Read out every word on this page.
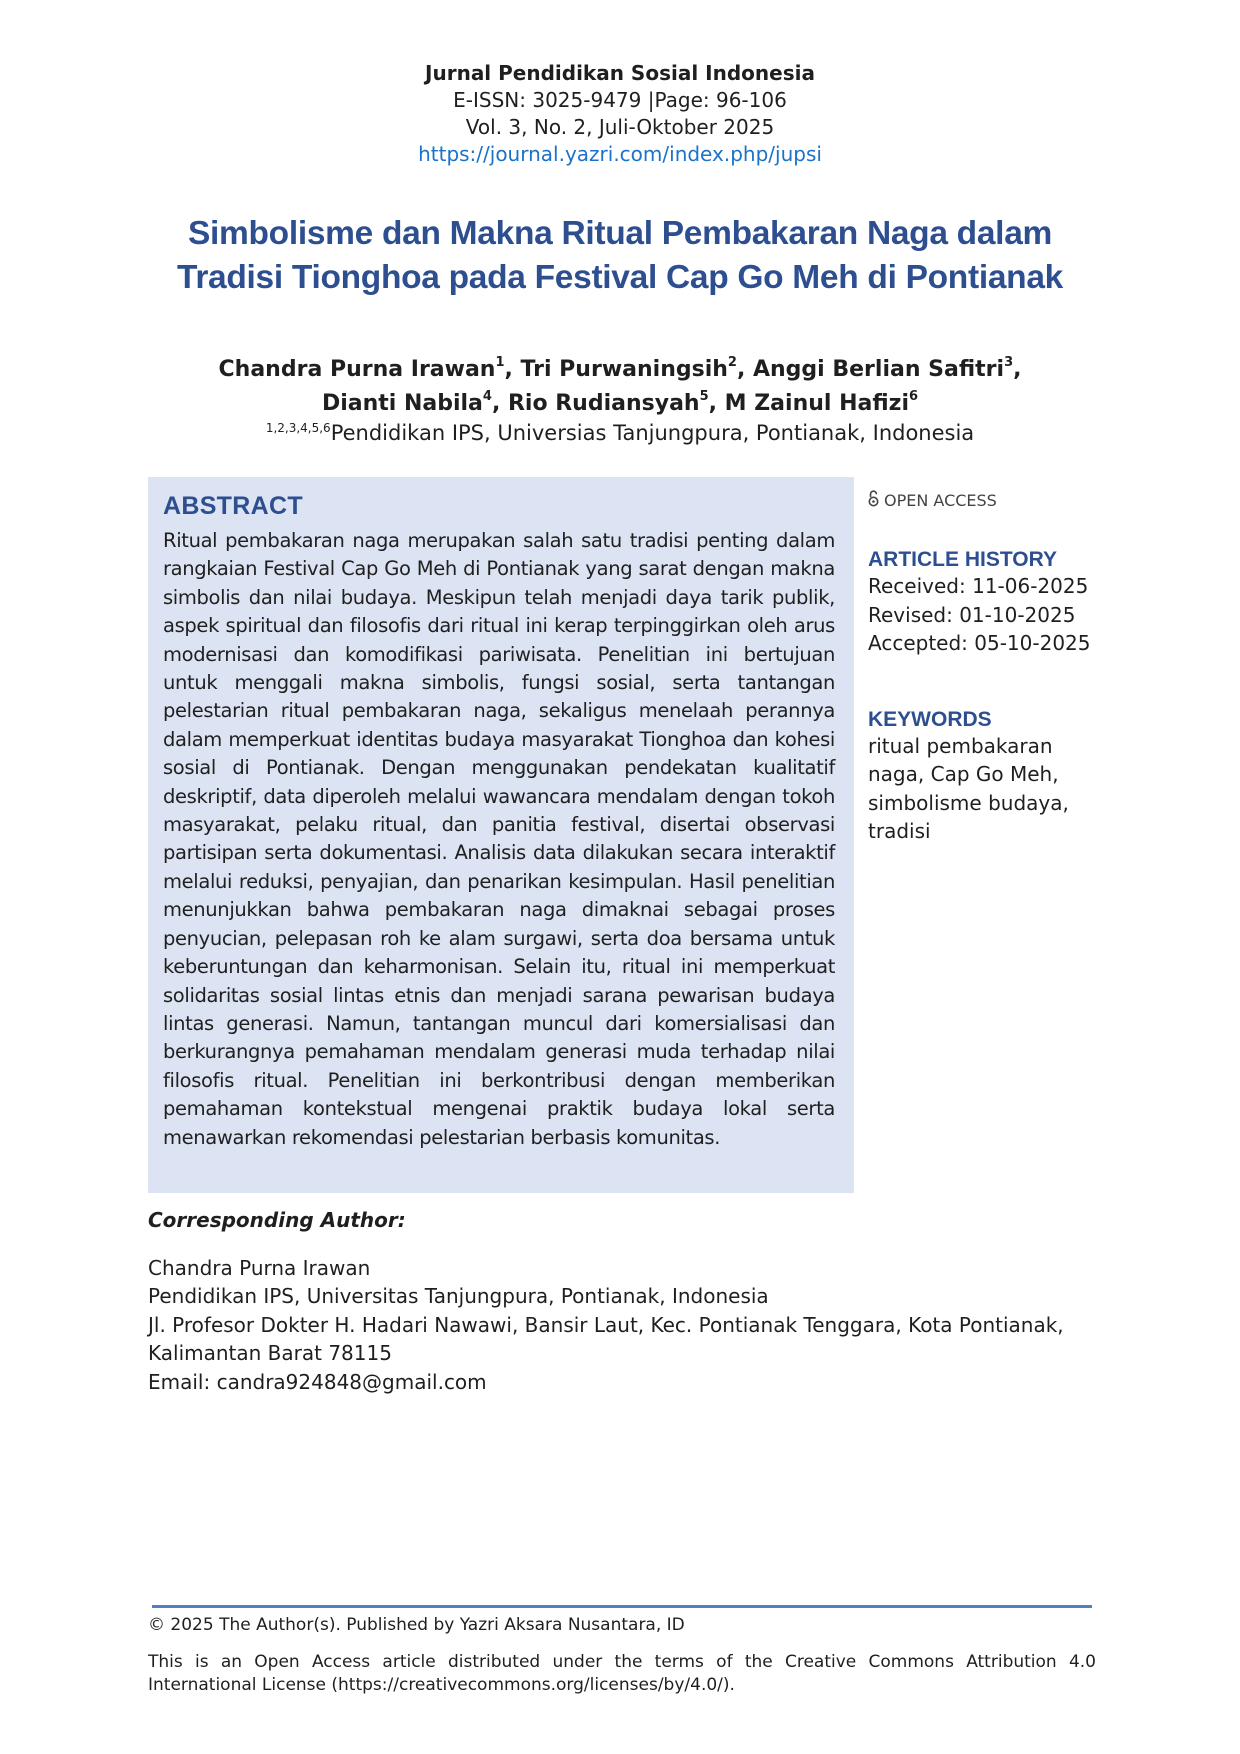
Jurnal Pendidikan Sosial Indonesia
E-ISSN: 3025-9479 |Page: 96-106
Vol. 3, No. 2, Juli-Oktober 2025
https://journal.yazri.com/index.php/jupsi
Simbolisme dan Makna Ritual Pembakaran Naga dalam
Tradisi Tionghoa pada Festival Cap Go Meh di Pontianak
Chandra Purna Irawan$^1$, Tri Purwaningsih$^2$, Anggi Berlian Safitri$^3$,
Dianti Nabila$^4$, Rio Rudiansyah$^5$, M Zainul Hafizi$^6$
$^{1,2,3,4,5,6}$Pendidikan IPS, Universias Tanjungpura, Pontianak, Indonesia
ABSTRACT
Ritual pembakaran naga merupakan salah satu tradisi penting dalam rangkaian Festival Cap Go Meh di Pontianak yang sarat dengan makna simbolis dan nilai budaya. Meskipun telah menjadi daya tarik publik, aspek spiritual dan filosofis dari ritual ini kerap terpinggirkan oleh arus modernisasi dan komodifikasi pariwisata. Penelitian ini bertujuan untuk menggali makna simbolis, fungsi sosial, serta tantangan pelestarian ritual pembakaran naga, sekaligus menelaah perannya dalam memperkuat identitas budaya masyarakat Tionghoa dan kohesi sosial di Pontianak. Dengan menggunakan pendekatan kualitatif deskriptif, data diperoleh melalui wawancara mendalam dengan tokoh masyarakat, pelaku ritual, dan panitia festival, disertai observasi partisipan serta dokumentasi. Analisis data dilakukan secara interaktif melalui reduksi, penyajian, dan penarikan kesimpulan. Hasil penelitian menunjukkan bahwa pembakaran naga dimaknai sebagai proses penyucian, pelepasan roh ke alam surgawi, serta doa bersama untuk keberuntungan dan keharmonisan. Selain itu, ritual ini memperkuat solidaritas sosial lintas etnis dan menjadi sarana pewarisan budaya lintas generasi. Namun, tantangan muncul dari komersialisasi dan berkurangnya pemahaman mendalam generasi muda terhadap nilai filosofis ritual. Penelitian ini berkontribusi dengan memberikan pemahaman kontekstual mengenai praktik budaya lokal serta menawarkan rekomendasi pelestarian berbasis komunitas.
OPEN ACCESS
ARTICLE HISTORY
Received: 11-06-2025
Revised: 01-10-2025
Accepted: 05-10-2025
KEYWORDS
ritual pembakaran
naga, Cap Go Meh,
simbolisme budaya,
tradisi
Corresponding Author:
Chandra Purna Irawan
Pendidikan IPS, Universitas Tanjungpura, Pontianak, Indonesia
Jl. Profesor Dokter H. Hadari Nawawi, Bansir Laut, Kec. Pontianak Tenggara, Kota Pontianak,
Kalimantan Barat 78115
Email: candra924848@gmail.com
© 2025 The Author(s). Published by Yazri Aksara Nusantara, ID
This is an Open Access article distributed under the terms of the Creative Commons Attribution 4.0 International License (https://creativecommons.org/licenses/by/4.0/).
